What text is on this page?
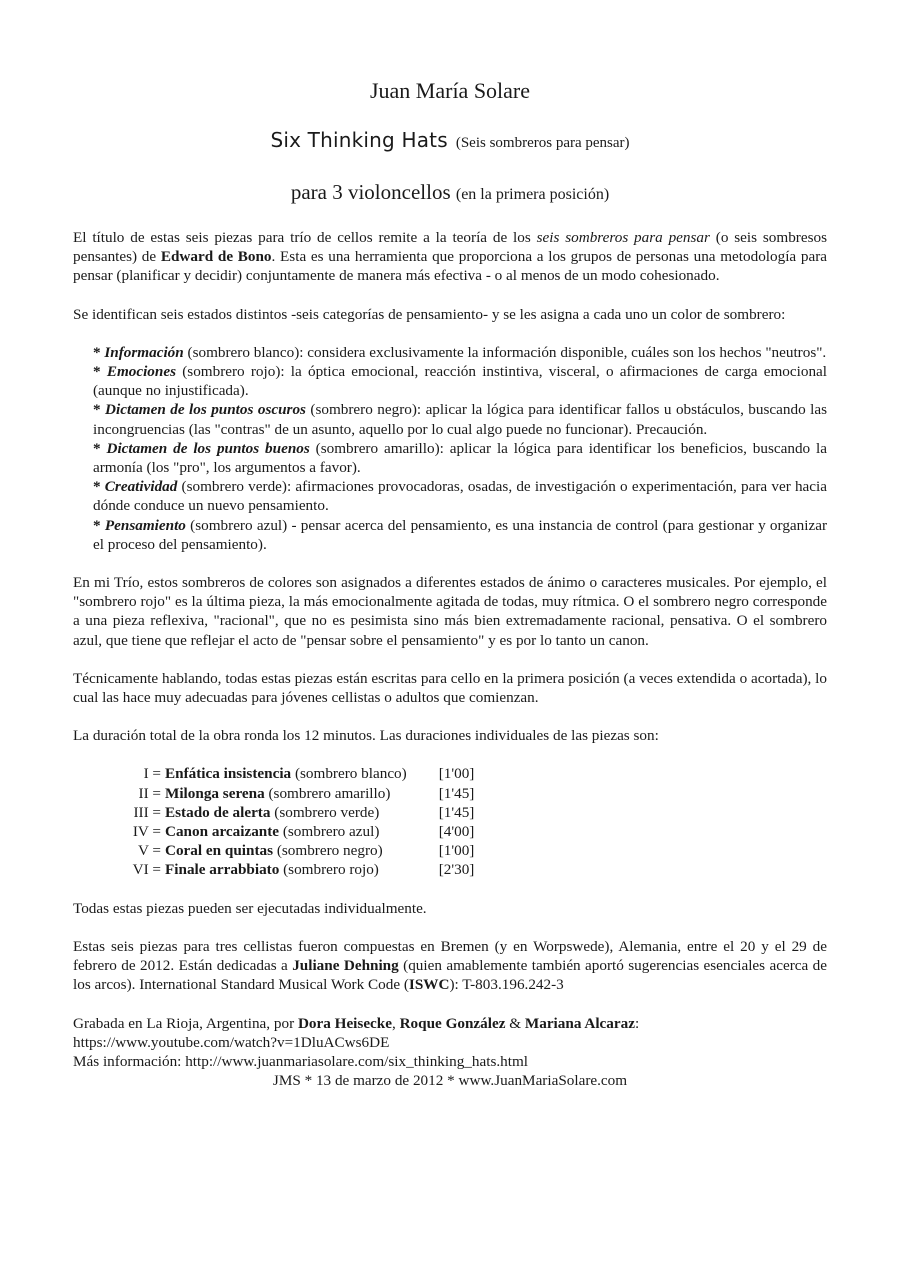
Juan María Solare
Six Thinking Hats (Seis sombreros para pensar)
para 3 violoncellos (en la primera posición)

El título de estas seis piezas para trío de cellos remite a la teoría de los seis sombreros para pensar (o seis sombresos pensantes) de Edward de Bono. Esta es una herramienta que proporciona a los grupos de personas una metodología para pensar (planificar y decidir) conjuntamente de manera más efectiva - o al menos de un modo cohesionado.

Se identifican seis estados distintos -seis categorías de pensamiento- y se les asigna a cada uno un color de sombrero:

* Información (sombrero blanco): considera exclusivamente la información disponible, cuáles son los hechos "neutros".
* Emociones (sombrero rojo): la óptica emocional, reacción instintiva, visceral, o afirmaciones de carga emocional (aunque no injustificada).
* Dictamen de los puntos oscuros (sombrero negro): aplicar la lógica para identificar fallos u obstáculos, buscando las incongruencias (las "contras" de un asunto, aquello por lo cual algo puede no funcionar). Precaución.
* Dictamen de los puntos buenos (sombrero amarillo): aplicar la lógica para identificar los beneficios, buscando la armonía (los "pro", los argumentos a favor).
* Creatividad (sombrero verde): afirmaciones provocadoras, osadas, de investigación o experimentación, para ver hacia dónde conduce un nuevo pensamiento.
* Pensamiento (sombrero azul) - pensar acerca del pensamiento, es una instancia de control (para gestionar y organizar el proceso del pensamiento).

En mi Trío, estos sombreros de colores son asignados a diferentes estados de ánimo o caracteres musicales. Por ejemplo, el "sombrero rojo" es la última pieza, la más emocionalmente agitada de todas, muy rítmica. O el sombrero negro corresponde a una pieza reflexiva, "racional", que no es pesimista sino más bien extremadamente racional, pensativa. O el sombrero azul, que tiene que reflejar el acto de "pensar sobre el pensamiento" y es por lo tanto un canon.

Técnicamente hablando, todas estas piezas están escritas para cello en la primera posición (a veces extendida o acortada), lo cual las hace muy adecuadas para jóvenes cellistas o adultos que comienzan.

La duración total de la obra ronda los 12 minutos. Las duraciones individuales de las piezas son:

I =	Enfática insistencia (sombrero blanco)	[1'00]
II =	Milonga serena (sombrero amarillo)	[1'45]
III =	Estado de alerta (sombrero verde)	[1'45]
IV =	Canon arcaizante (sombrero azul)	[4'00]
V =	Coral en quintas (sombrero negro)	[1'00]
VI =	Finale arrabbiato (sombrero rojo)	[2'30]

Todas estas piezas pueden ser ejecutadas individualmente.

Estas seis piezas para tres cellistas fueron compuestas en Bremen (y en Worpswede), Alemania, entre el 20 y el 29 de febrero de 2012. Están dedicadas a Juliane Dehning (quien amablemente también aportó sugerencias esenciales acerca de los arcos). International Standard Musical Work Code (ISWC): T-803.196.242-3

Grabada en La Rioja, Argentina, por Dora Heisecke, Roque González & Mariana Alcaraz:
https://www.youtube.com/watch?v=1DluACws6DE
Más información: http://www.juanmariasolare.com/six_thinking_hats.html
JMS * 13 de marzo de 2012 * www.JuanMariaSolare.com
